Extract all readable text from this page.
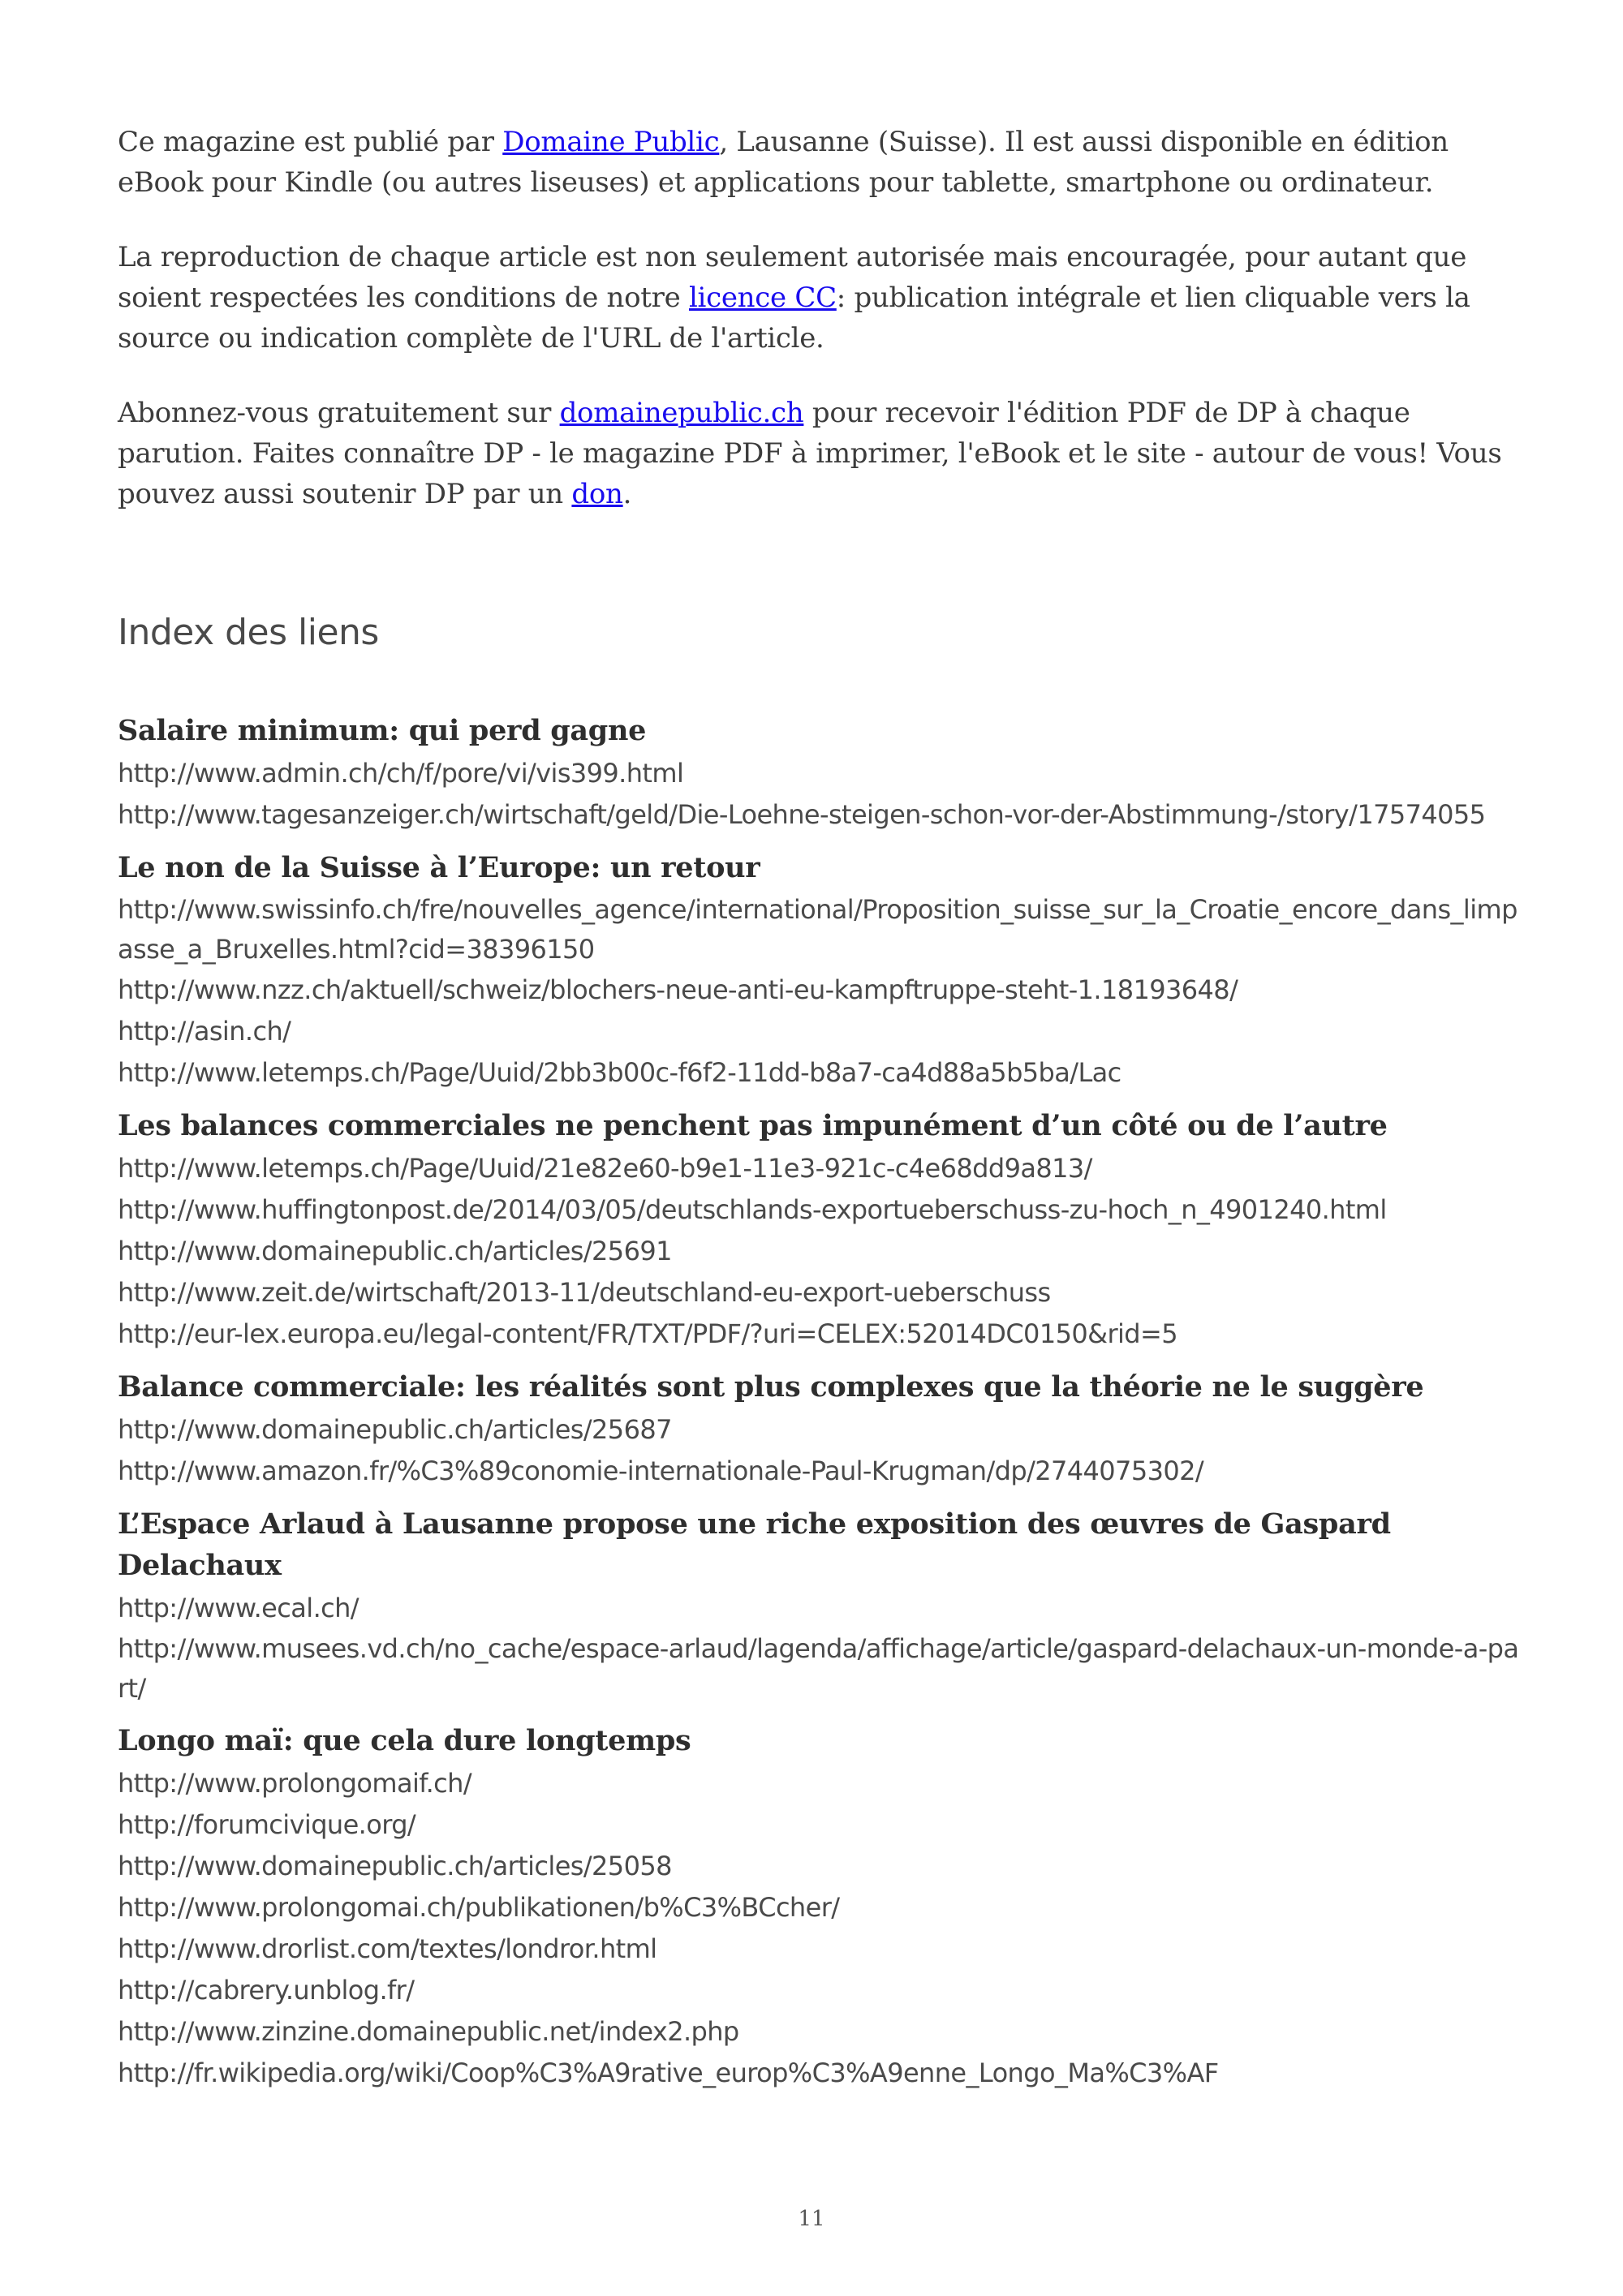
Ce magazine est publié par Domaine Public, Lausanne (Suisse). Il est aussi disponible en édition eBook pour Kindle (ou autres liseuses) et applications pour tablette, smartphone ou ordinateur.

La reproduction de chaque article est non seulement autorisée mais encouragée, pour autant que soient respectées les conditions de notre licence CC: publication intégrale et lien cliquable vers la source ou indication complète de l'URL de l'article.

Abonnez-vous gratuitement sur domainepublic.ch pour recevoir l'édition PDF de DP à chaque parution. Faites connaître DP - le magazine PDF à imprimer, l'eBook et le site - autour de vous! Vous pouvez aussi soutenir DP par un don.

Index des liens
Salaire minimum: qui perd gagne
http://www.admin.ch/ch/f/pore/vi/vis399.html
http://www.tagesanzeiger.ch/wirtschaft/geld/Die-Loehne-steigen-schon-vor-der-Abstimmung-/story/17574055
Le non de la Suisse à l’Europe: un retour
http://www.swissinfo.ch/fre/nouvelles_agence/international/Proposition_suisse_sur_la_Croatie_encore_dans_limpasse_a_Bruxelles.html?cid=38396150
http://www.nzz.ch/aktuell/schweiz/blochers-neue-anti-eu-kampftruppe-steht-1.18193648/
http://asin.ch/
http://www.letemps.ch/Page/Uuid/2bb3b00c-f6f2-11dd-b8a7-ca4d88a5b5ba/Lac
Les balances commerciales ne penchent pas impunément d’un côté ou de l’autre
http://www.letemps.ch/Page/Uuid/21e82e60-b9e1-11e3-921c-c4e68dd9a813/
http://www.huffingtonpost.de/2014/03/05/deutschlands-exportueberschuss-zu-hoch_n_4901240.html
http://www.domainepublic.ch/articles/25691
http://www.zeit.de/wirtschaft/2013-11/deutschland-eu-export-ueberschuss
http://eur-lex.europa.eu/legal-content/FR/TXT/PDF/?uri=CELEX:52014DC0150&rid=5
Balance commerciale: les réalités sont plus complexes que la théorie ne le suggère
http://www.domainepublic.ch/articles/25687
http://www.amazon.fr/%C3%89conomie-internationale-Paul-Krugman/dp/2744075302/
L’Espace Arlaud à Lausanne propose une riche exposition des œuvres de Gaspard Delachaux
http://www.ecal.ch/
http://www.musees.vd.ch/no_cache/espace-arlaud/lagenda/affichage/article/gaspard-delachaux-un-monde-a-part/
Longo maï: que cela dure longtemps
http://www.prolongomaif.ch/
http://forumcivique.org/
http://www.domainepublic.ch/articles/25058
http://www.prolongomai.ch/publikationen/b%C3%BCcher/
http://www.drorlist.com/textes/londror.html
http://cabrery.unblog.fr/
http://www.zinzine.domainepublic.net/index2.php
http://fr.wikipedia.org/wiki/Coop%C3%A9rative_europ%C3%A9enne_Longo_Ma%C3%AF
11
